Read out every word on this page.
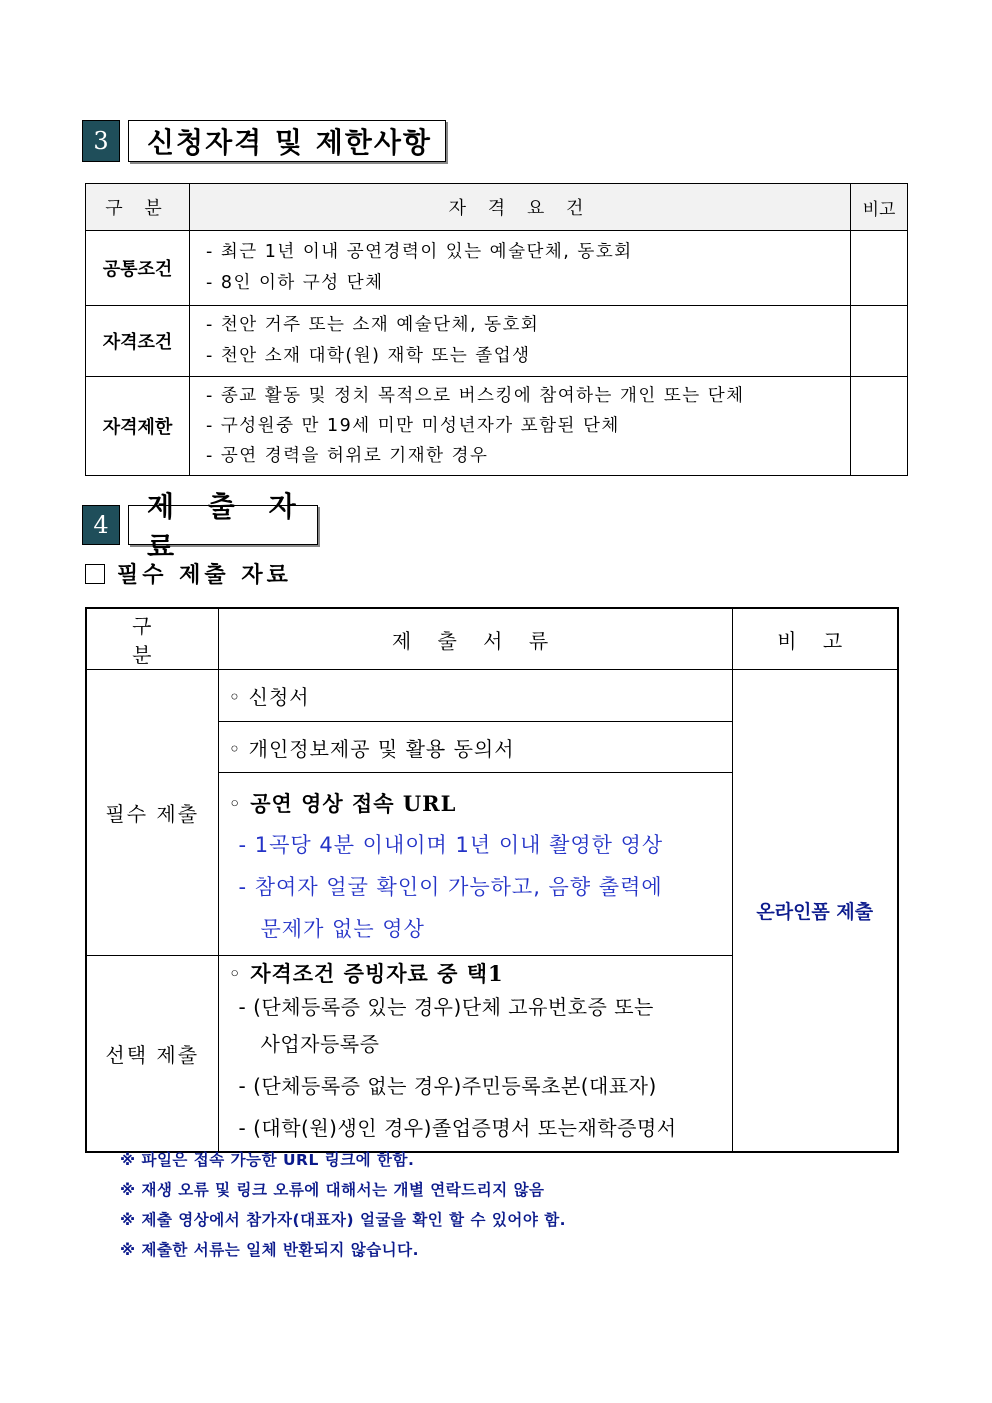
3	신청자격 및 제한사항
구 분	자 격 요 건	비고
공통조건	- 최근 1년 이내 공연경력이 있는 예술단체, 동호회
- 8인 이하 구성 단체	

자격조건	- 천안 거주 또는 소재 예술단체, 동호회
- 천안 소재 대학(원) 재학 또는 졸업생	

자격제한	- 종교 활동 및 정치 목적으로 버스킹에 참여하는 개인 또는 단체
- 구성원중 만 19세 미만 미성년자가 포함된 단체
- 공연 경력을 허위로 기재한 경우	

4
제 출 자 료
필수 제출 자료
구 분	제 출 서 류	비 고
필수 제출	◦ 신청서	온라인폼 제출
	◦ 개인정보제공 및 활용 동의서	

	◦ 공연 영상 접속 URL
- 1곡당 4분 이내이며 1년 이내 촬영한 영상
- 참여자 얼굴 확인이 가능하고, 음향 출력에
문제가 없는 영상	

선택 제출	◦ 자격조건 증빙자료 중 택1
- (단체등록증 있는 경우)단체 고유번호증 또는
사업자등록증
- (단체등록증 없는 경우)주민등록초본(대표자)
- (대학(원)생인 경우)졸업증명서 또는재학증명서	
※ 파일은 접속 가능한 URL 링크에 한함.
※ 재생 오류 및 링크 오류에 대해서는 개별 연락드리지 않음
※ 제출 영상에서 참가자(대표자) 얼굴을 확인 할 수 있어야 함.
※ 제출한 서류는 일체 반환되지 않습니다.
